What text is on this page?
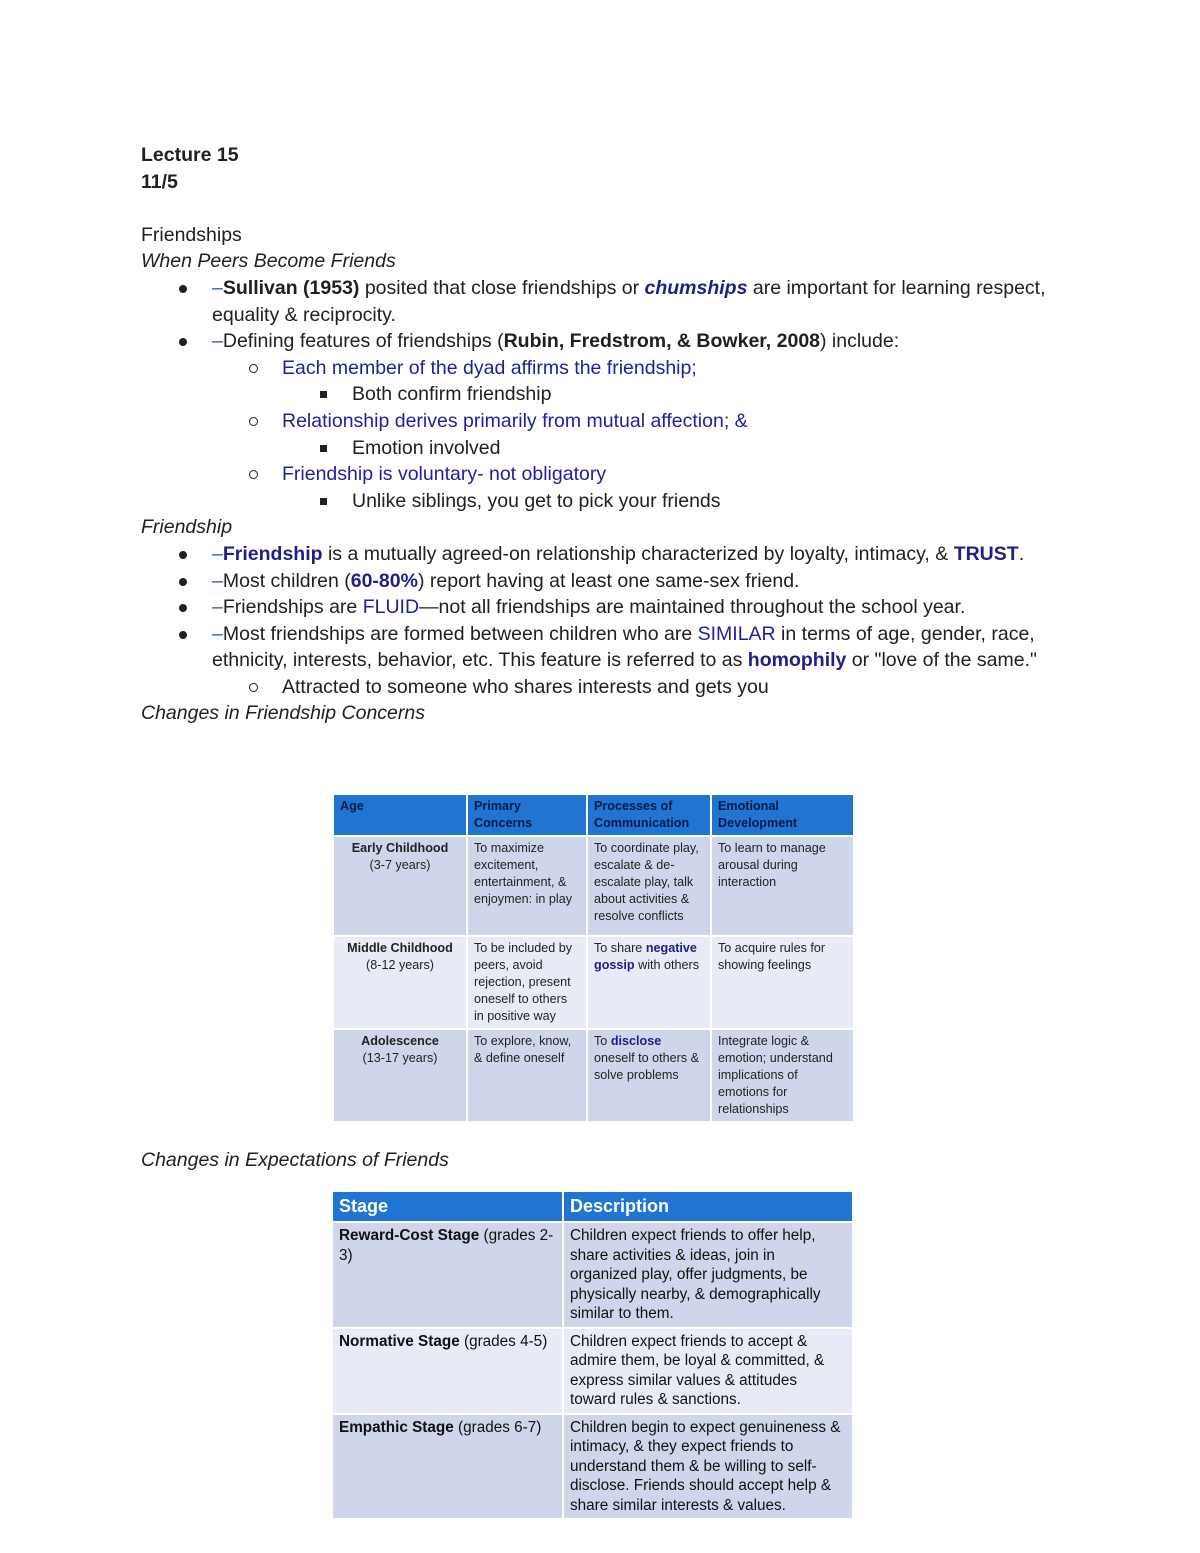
Lecture 15
11/5
Friendships
When Peers Become Friends
–Sullivan (1953) posited that close friendships or chumships are important for learning respect, equality & reciprocity.
–Defining features of friendships (Rubin, Fredstrom, & Bowker, 2008) include:
Each member of the dyad affirms the friendship;
Both confirm friendship
Relationship derives primarily from mutual affection; &
Emotion involved
Friendship is voluntary- not obligatory
Unlike siblings, you get to pick your friends
Friendship
–Friendship is a mutually agreed-on relationship characterized by loyalty, intimacy, & TRUST.
–Most children (60-80%) report having at least one same-sex friend.
–Friendships are FLUID—not all friendships are maintained throughout the school year.
–Most friendships are formed between children who are SIMILAR in terms of age, gender, race, ethnicity, interests, behavior, etc. This feature is referred to as homophily or "love of the same."
Attracted to someone who shares interests and gets you
Changes in Friendship Concerns
Age	Primary Concerns	Processes of Communication	Emotional Development
Early Childhood
(3-7 years)	To maximize excitement, entertainment, & enjoymen: in play	To coordinate play, escalate & de-escalate play, talk about activities & resolve conflicts	To learn to manage arousal during interaction
Middle Childhood
(8-12 years)	To be included by peers, avoid rejection, present oneself to others in positive way	To share negative gossip with others	To acquire rules for showing feelings
Adolescence
(13-17 years)	To explore, know, & define oneself	To disclose oneself to others & solve problems	Integrate logic & emotion; understand implications of emotions for relationships
Changes in Expectations of Friends
Stage	Description
Reward-Cost Stage (grades 2-3)	Children expect friends to offer help, share activities & ideas, join in organized play, offer judgments, be physically nearby, & demographically similar to them.
Normative Stage (grades 4-5)	Children expect friends to accept & admire them, be loyal & committed, & express similar values & attitudes toward rules & sanctions.
Empathic Stage (grades 6-7)	Children begin to expect genuineness & intimacy, & they expect friends to understand them & be willing to self-disclose. Friends should accept help & share similar interests & values.
